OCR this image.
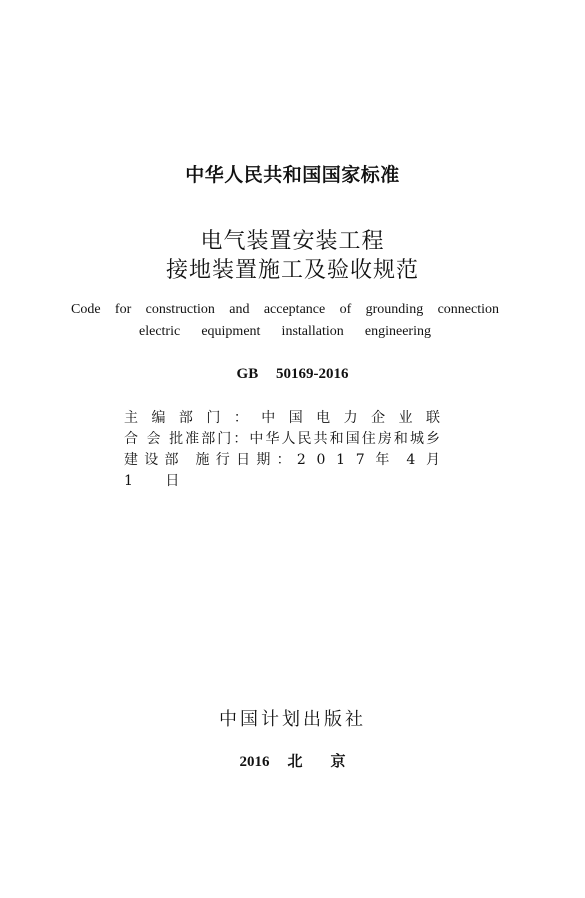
中华人民共和国国家标准
电气装置安装工程
接地装置施工及验收规范
Code for construction and acceptance of grounding connection
electric equipment installation engineering
GB 50169-2016
主 编 部 门 ： 中 国 电 力 企 业 联
合 会 批准部门：中华人民共和国住房和城乡
建设部 施行日期：2 0 1 7 年 4 月
1 日
中国计划出版社
2016 北 京
